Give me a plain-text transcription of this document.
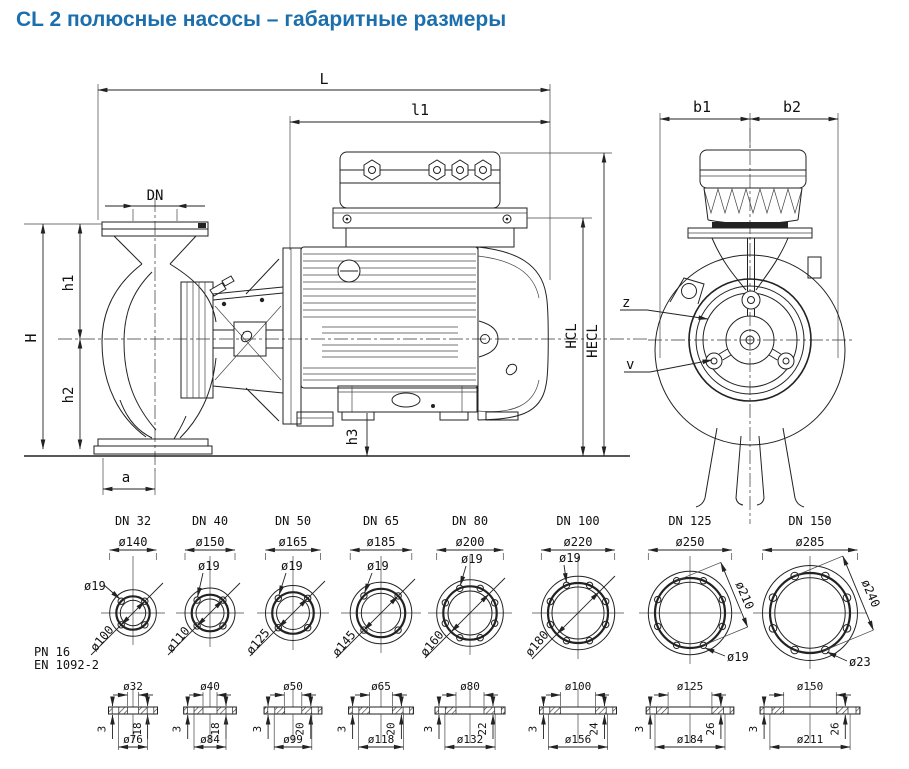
CL 2 полюсные насосы – габаритные размеры
L
l1
DN
H
h1
h2
HCL HECL
h3
a
b1	b2
z
v
DN 32
ø140
ø19
ø100
DN 40
ø150
ø19
ø110
DN 50
ø165
ø19
ø125
DN 65
ø185
ø19
ø145
DN 80
ø200
ø19
ø160
DN 100
ø220
ø19
ø180
DN 125
ø250
ø19
ø210
DN 150
ø285
ø23
ø240
PN 16
EN 1092-2
ø32
3 18
ø76
ø40
3 18
ø84
ø50
3	20
ø99
ø65
3	20
ø118
ø80
3	22
ø132
ø100
3	24
ø156
ø125
3	26
ø184
ø150
3	26
ø211
